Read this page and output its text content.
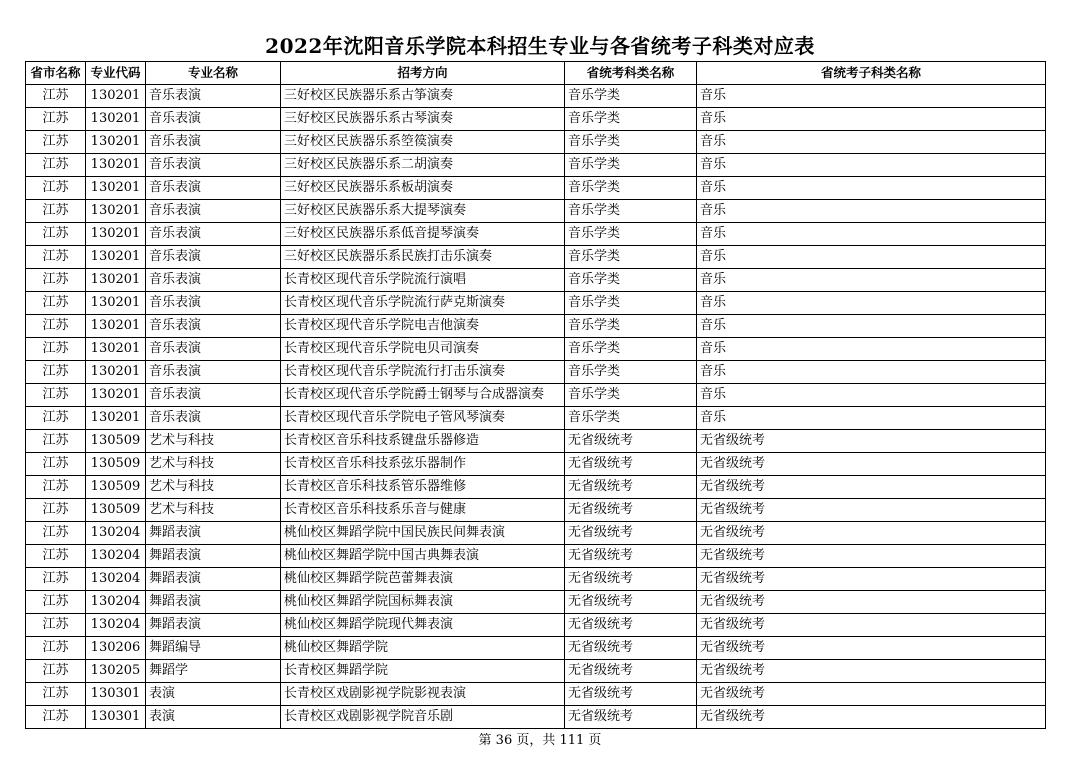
2022年沈阳音乐学院本科招生专业与各省统考子科类对应表
省市名称	专业代码	专业名称	招考方向	省统考科类名称	省统考子科类名称
江苏	130201	音乐表演	三好校区民族器乐系古筝演奏	音乐学类	音乐
江苏	130201	音乐表演	三好校区民族器乐系古琴演奏	音乐学类	音乐
江苏	130201	音乐表演	三好校区民族器乐系箜篌演奏	音乐学类	音乐
江苏	130201	音乐表演	三好校区民族器乐系二胡演奏	音乐学类	音乐
江苏	130201	音乐表演	三好校区民族器乐系板胡演奏	音乐学类	音乐
江苏	130201	音乐表演	三好校区民族器乐系大提琴演奏	音乐学类	音乐
江苏	130201	音乐表演	三好校区民族器乐系低音提琴演奏	音乐学类	音乐
江苏	130201	音乐表演	三好校区民族器乐系民族打击乐演奏	音乐学类	音乐
江苏	130201	音乐表演	长青校区现代音乐学院流行演唱	音乐学类	音乐
江苏	130201	音乐表演	长青校区现代音乐学院流行萨克斯演奏	音乐学类	音乐
江苏	130201	音乐表演	长青校区现代音乐学院电吉他演奏	音乐学类	音乐
江苏	130201	音乐表演	长青校区现代音乐学院电贝司演奏	音乐学类	音乐
江苏	130201	音乐表演	长青校区现代音乐学院流行打击乐演奏	音乐学类	音乐
江苏	130201	音乐表演	长青校区现代音乐学院爵士钢琴与合成器演奏	音乐学类	音乐
江苏	130201	音乐表演	长青校区现代音乐学院电子管风琴演奏	音乐学类	音乐
江苏	130509	艺术与科技	长青校区音乐科技系键盘乐器修造	无省级统考	无省级统考
江苏	130509	艺术与科技	长青校区音乐科技系弦乐器制作	无省级统考	无省级统考
江苏	130509	艺术与科技	长青校区音乐科技系管乐器维修	无省级统考	无省级统考
江苏	130509	艺术与科技	长青校区音乐科技系乐音与健康	无省级统考	无省级统考
江苏	130204	舞蹈表演	桃仙校区舞蹈学院中国民族民间舞表演	无省级统考	无省级统考
江苏	130204	舞蹈表演	桃仙校区舞蹈学院中国古典舞表演	无省级统考	无省级统考
江苏	130204	舞蹈表演	桃仙校区舞蹈学院芭蕾舞表演	无省级统考	无省级统考
江苏	130204	舞蹈表演	桃仙校区舞蹈学院国标舞表演	无省级统考	无省级统考
江苏	130204	舞蹈表演	桃仙校区舞蹈学院现代舞表演	无省级统考	无省级统考
江苏	130206	舞蹈编导	桃仙校区舞蹈学院	无省级统考	无省级统考
江苏	130205	舞蹈学	长青校区舞蹈学院	无省级统考	无省级统考
江苏	130301	表演	长青校区戏剧影视学院影视表演	无省级统考	无省级统考
江苏	130301	表演	长青校区戏剧影视学院音乐剧	无省级统考	无省级统考
第 36 页，共 111 页
